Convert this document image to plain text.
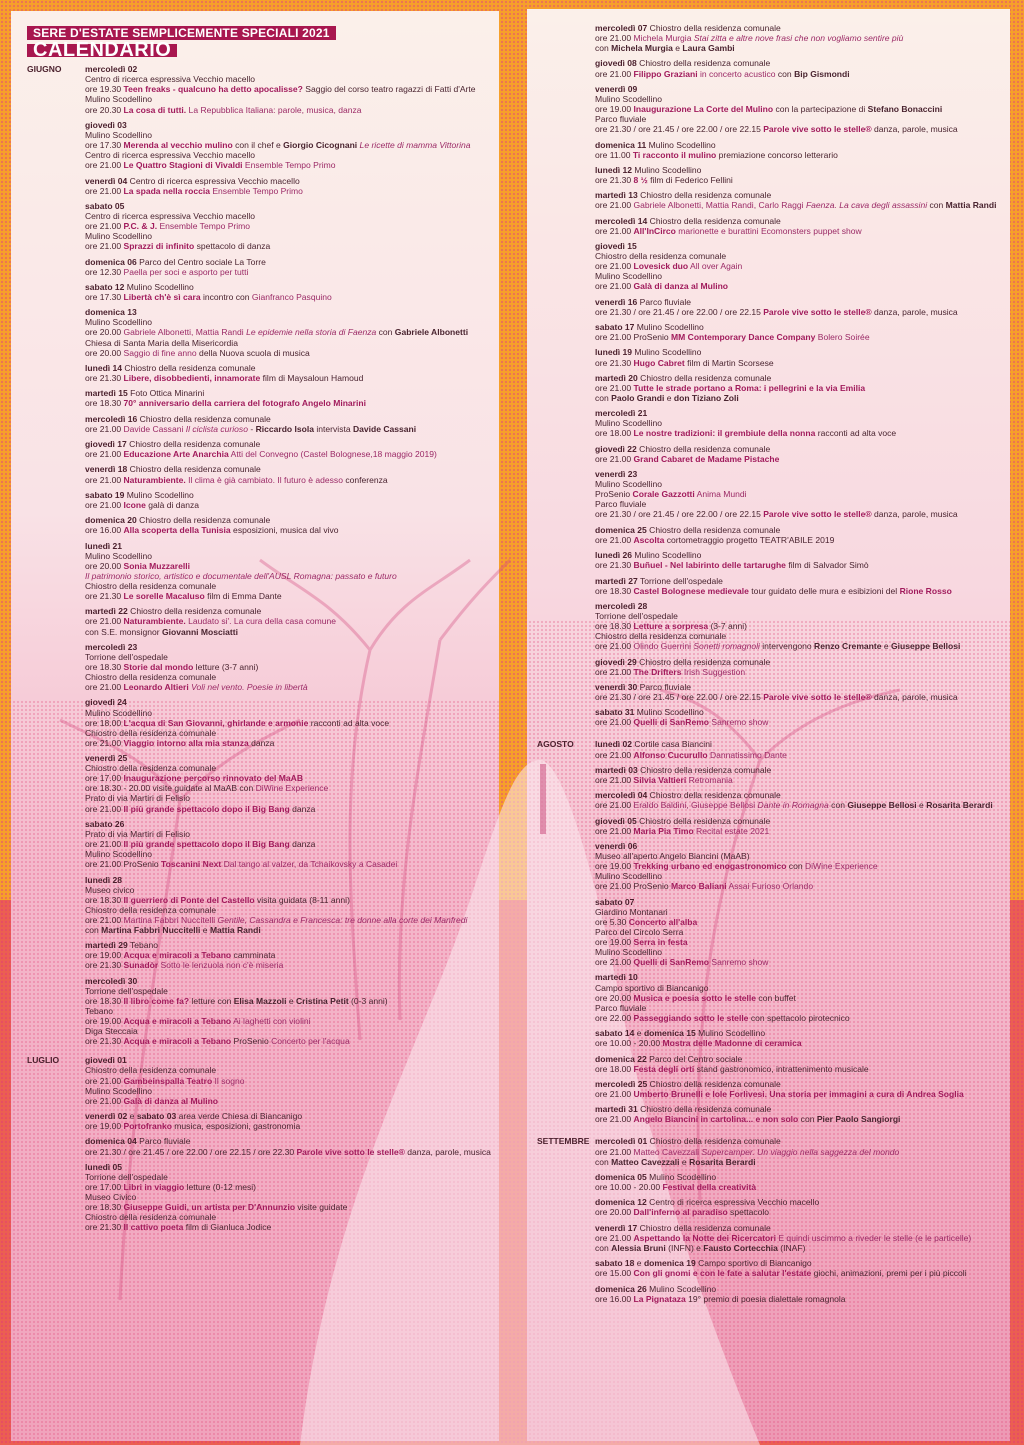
SERE D'ESTATE SEMPLICEMENTE SPECIALI 2021
CALENDARIO
GIUGNO	mercoledì 02
Centro di ricerca espressiva Vecchio macello
ore 19.30 Teen freaks - qualcuno ha detto apocalisse? Saggio del corso teatro ragazzi di Fatti d'Arte
Mulino Scodellino
ore 20.30 La cosa di tutti. La Repubblica Italiana: parole, musica, danza
giovedì 03
Mulino Scodellino
ore 17.30 Merenda al vecchio mulino con il chef e Giorgio Cicognani Le ricette di mamma Vittorina
Centro di ricerca espressiva Vecchio macello
ore 21.00 Le Quattro Stagioni di Vivaldi Ensemble Tempo Primo
venerdì 04 Centro di ricerca espressiva Vecchio macello
ore 21.00 La spada nella roccia Ensemble Tempo Primo
sabato 05
Centro di ricerca espressiva Vecchio macello
ore 21.00 P.C. & J. Ensemble Tempo Primo
Mulino Scodellino
ore 21.00 Sprazzi di infinito spettacolo di danza
domenica 06 Parco del Centro sociale La Torre
ore 12.30 Paella per soci e asporto per tutti
sabato 12 Mulino Scodellino
ore 17.30 Libertà ch'è sì cara incontro con Gianfranco Pasquino
domenica 13
Mulino Scodellino
ore 20.00 Gabriele Albonetti, Mattia Randi Le epidemie nella storia di Faenza con Gabriele Albonetti
Chiesa di Santa Maria della Misericordia
ore 20.00 Saggio di fine anno della Nuova scuola di musica
lunedì 14 Chiostro della residenza comunale
ore 21.30 Libere, disobbedienti, innamorate film di Maysaloun Hamoud
martedì 15 Foto Ottica Minarini
ore 18.30 70° anniversario della carriera del fotografo Angelo Minarini
mercoledì 16 Chiostro della residenza comunale
ore 21.00 Davide Cassani Il ciclista curioso - Riccardo Isola intervista Davide Cassani
giovedì 17 Chiostro della residenza comunale
ore 21.00 Educazione Arte Anarchia Atti del Convegno (Castel Bolognese,18 maggio 2019)
venerdì 18 Chiostro della residenza comunale
ore 21.00 Naturambiente. Il clima è già cambiato. Il futuro è adesso conferenza
sabato 19 Mulino Scodellino
ore 21.00 Icone galà di danza
domenica 20 Chiostro della residenza comunale
ore 16.00 Alla scoperta della Tunisia esposizioni, musica dal vivo
lunedì 21
Mulino Scodellino
ore 20.00 Sonia Muzzarelli
Il patrimonio storico, artistico e documentale dell'AUSL Romagna: passato e futuro
Chiostro della residenza comunale
ore 21.30 Le sorelle Macaluso film di Emma Dante
martedì 22 Chiostro della residenza comunale
ore 21.00 Naturambiente. Laudato si'. La cura della casa comune
con S.E. monsignor Giovanni Mosciatti
mercoledì 23
Torrione dell'ospedale
ore 18.30 Storie dal mondo letture (3-7 anni)
Chiostro della residenza comunale
ore 21.00 Leonardo Altieri Voli nel vento. Poesie in libertà
giovedì 24
Mulino Scodellino
ore 18.00 L'acqua di San Giovanni, ghirlande e armonie racconti ad alta voce
Chiostro della residenza comunale
ore 21.00 Viaggio intorno alla mia stanza danza
venerdì 25
Chiostro della residenza comunale
ore 17.00 Inaugurazione percorso rinnovato del MaAB
ore 18.30 - 20.00 visite guidate al MaAB con DiWine Experience
Prato di via Martiri di Felisio
ore 21.00 Il più grande spettacolo dopo il Big Bang danza
sabato 26
Prato di via Martiri di Felisio
ore 21.00 Il più grande spettacolo dopo il Big Bang danza
Mulino Scodellino
ore 21.00 ProSenio Toscanini Next Dal tango al valzer, da Tchaikovsky a Casadei
lunedì 28
Museo civico
ore 18.30 Il guerriero di Ponte del Castello visita guidata (8-11 anni)
Chiostro della residenza comunale
ore 21.00 Martina Fabbri Nuccitelli Gentile, Cassandra e Francesca: tre donne alla corte dei Manfredi
con Martina Fabbri Nuccitelli e Mattia Randi
martedì 29 Tebano
ore 19.00 Acqua e miracoli a Tebano camminata
ore 21.30 Sunadòr Sotto le lenzuola non c'è miseria
mercoledì 30
Torrione dell'ospedale
ore 18.30 Il libro come fa? letture con Elisa Mazzoli e Cristina Petit (0-3 anni)
Tebano
ore 19.00 Acqua e miracoli a Tebano Ai laghetti con violini
Diga Steccaia
ore 21.30 Acqua e miracoli a Tebano ProSenio Concerto per l'acqua
LUGLIO	giovedì 01
Chiostro della residenza comunale
ore 21.00 Gambeinspalla Teatro Il sogno
Mulino Scodellino
ore 21.00 Galà di danza al Mulino
venerdì 02 e sabato 03 area verde Chiesa di Biancanigo
ore 19.00 Portofranko musica, esposizioni, gastronomia
domenica 04 Parco fluviale
ore 21.30 / ore 21.45 / ore 22.00 / ore 22.15 / ore 22.30 Parole vive sotto le stelle® danza, parole, musica
lunedì 05
Torrione dell'ospedale
ore 17.00 Libri in viaggio letture (0-12 mesi)
Museo Civico
ore 18.30 Giuseppe Guidi, un artista per D'Annunzio visite guidate
Chiostro della residenza comunale
ore 21.30 Il cattivo poeta film di Gianluca Jodice
mercoledì 07 Chiostro della residenza comunale
ore 21.00 Michela Murgia Stai zitta e altre nove frasi che non vogliamo sentire più
con Michela Murgia e Laura Gambi
giovedì 08 Chiostro della residenza comunale
ore 21.00 Filippo Graziani in concerto acustico con Bip Gismondi
venerdì 09
Mulino Scodellino
ore 19.00 Inaugurazione La Corte del Mulino con la partecipazione di Stefano Bonaccini
Parco fluviale
ore 21.30 / ore 21.45 / ore 22.00 / ore 22.15 Parole vive sotto le stelle® danza, parole, musica
domenica 11 Mulino Scodellino
ore 11.00 Ti racconto il mulino premiazione concorso letterario
lunedì 12 Mulino Scodellino
ore 21.30 8 ½ film di Federico Fellini
martedì 13 Chiostro della residenza comunale
ore 21.00 Gabriele Albonetti, Mattia Randi, Carlo Raggi Faenza. La cava degli assassini con Mattia Randi
mercoledì 14 Chiostro della residenza comunale
ore 21.00 All'InCirco marionette e burattini Ecomonsters puppet show
giovedì 15
Chiostro della residenza comunale
ore 21.00 Lovesick duo All over Again
Mulino Scodellino
ore 21.00 Galà di danza al Mulino
venerdì 16 Parco fluviale
ore 21.30 / ore 21.45 / ore 22.00 / ore 22.15 Parole vive sotto le stelle® danza, parole, musica
sabato 17 Mulino Scodellino
ore 21.00 ProSenio MM Contemporary Dance Company Bolero Soirée
lunedì 19 Mulino Scodellino
ore 21.30 Hugo Cabret film di Martin Scorsese
martedì 20 Chiostro della residenza comunale
ore 21.00 Tutte le strade portano a Roma: i pellegrini e la via Emilia
con Paolo Grandi e don Tiziano Zoli
mercoledì 21
Mulino Scodellino
ore 18.00 Le nostre tradizioni: il grembiule della nonna racconti ad alta voce
giovedì 22 Chiostro della residenza comunale
ore 21.00 Grand Cabaret de Madame Pistache
venerdì 23
Mulino Scodellino
ProSenio Corale Gazzotti Anima Mundi
Parco fluviale
ore 21.30 / ore 21.45 / ore 22.00 / ore 22.15 Parole vive sotto le stelle® danza, parole, musica
domenica 25 Chiostro della residenza comunale
ore 21.00 Ascolta cortometraggio progetto TEATR'ABILE 2019
lunedì 26 Mulino Scodellino
ore 21.30 Buñuel - Nel labirinto delle tartarughe film di Salvador Simò
martedì 27 Torrione dell'ospedale
ore 18.30 Castel Bolognese medievale tour guidato delle mura e esibizioni del Rione Rosso
mercoledì 28
Torrione dell'ospedale
ore 18.30 Letture a sorpresa (3-7 anni)
Chiostro della residenza comunale
ore 21.00 Olindo Guerrini Sonetti romagnoli intervengono Renzo Cremante e Giuseppe Bellosi
giovedì 29 Chiostro della residenza comunale
ore 21.00 The Drifters Irish Suggestion
venerdì 30 Parco fluviale
ore 21.30 / ore 21.45 / ore 22.00 / ore 22.15 Parole vive sotto le stelle® danza, parole, musica
sabato 31 Mulino Scodellino
ore 21.00 Quelli di SanRemo Sanremo show
AGOSTO lunedì 02 Cortile casa Biancini
ore 21.00 Alfonso Cucurullo Dannatissimo Dante
martedì 03 Chiostro della residenza comunale
ore 21.00 Silvia Valtieri Retromania
mercoledì 04 Chiostro della residenza comunale
ore 21.00 Eraldo Baldini, Giuseppe Bellosi Dante in Romagna con Giuseppe Bellosi e Rosarita Berardi
giovedì 05 Chiostro della residenza comunale
ore 21.00 Maria Pia Timo Recital estate 2021
venerdì 06
Museo all'aperto Angelo Biancini (MaAB)
ore 19.00 Trekking urbano ed enogastronomico con DiWine Experience
Mulino Scodellino
ore 21.00 ProSenio Marco Baliani Assai Furioso Orlando
sabato 07
Giardino Montanari
ore 5.30 Concerto all'alba
Parco del Circolo Serra
ore 19.00 Serra in festa
Mulino Scodellino
ore 21.00 Quelli di SanRemo Sanremo show
martedì 10
Campo sportivo di Biancanigo
ore 20.00 Musica e poesia sotto le stelle con buffet
Parco fluviale
ore 22.00 Passeggiando sotto le stelle con spettacolo pirotecnico
sabato 14 e domenica 15 Mulino Scodellino
ore 10.00 - 20.00 Mostra delle Madonne di ceramica
domenica 22 Parco del Centro sociale
ore 18.00 Festa degli orti stand gastronomico, intrattenimento musicale
mercoledì 25 Chiostro della residenza comunale
ore 21.00 Umberto Brunelli e Iole Forlivesi. Una storia per immagini a cura di Andrea Soglia
martedì 31 Chiostro della residenza comunale
ore 21.00 Angelo Biancini in cartolina... e non solo con Pier Paolo Sangiorgi
SETTEMBRE mercoledì 01 Chiostro della residenza comunale
ore 21.00 Matteo Cavezzali Supercamper. Un viaggio nella saggezza del mondo
con Matteo Cavezzali e Rosarita Berardi
domenica 05 Mulino Scodellino
ore 10.00 - 20.00 Festival della creatività
domenica 12 Centro di ricerca espressiva Vecchio macello
ore 20.00 Dall'inferno al paradiso spettacolo
venerdì 17 Chiostro della residenza comunale
ore 21.00 Aspettando la Notte dei Ricercatori E quindi uscimmo a riveder le stelle (e le particelle)
con Alessia Bruni (INFN) e Fausto Cortecchia (INAF)
sabato 18 e domenica 19 Campo sportivo di Biancanigo
ore 15.00 Con gli gnomi e con le fate a salutar l'estate giochi, animazioni, premi per i più piccoli
domenica 26 Mulino Scodellino
ore 16.00 La Pignataza 19° premio di poesia dialettale romagnola
